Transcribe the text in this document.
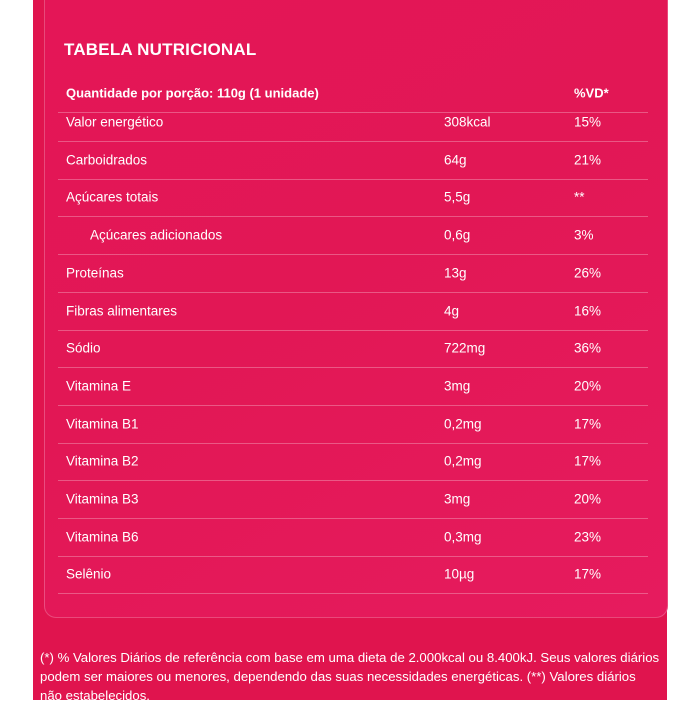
TABELA NUTRICIONAL
Quantidade por porção: 110g (1 unidade)	%VD*
Valor energético	308kcal	15%
Carboidrados	64g	21%
Açúcares totais	5,5g	**
Açúcares adicionados	0,6g	3%
Proteínas	13g	26%
Fibras alimentares	4g	16%
Sódio	722mg	36%
Vitamina E	3mg	20%
Vitamina B1	0,2mg	17%
Vitamina B2	0,2mg	17%
Vitamina B3	3mg	20%
Vitamina B6	0,3mg	23%
Selênio	10µg	17%
(*) % Valores Diários de referência com base em uma dieta de 2.000kcal ou 8.400kJ. Seus valores diários podem ser maiores ou menores, dependendo das suas necessidades energéticas. (**) Valores diários não estabelecidos.
